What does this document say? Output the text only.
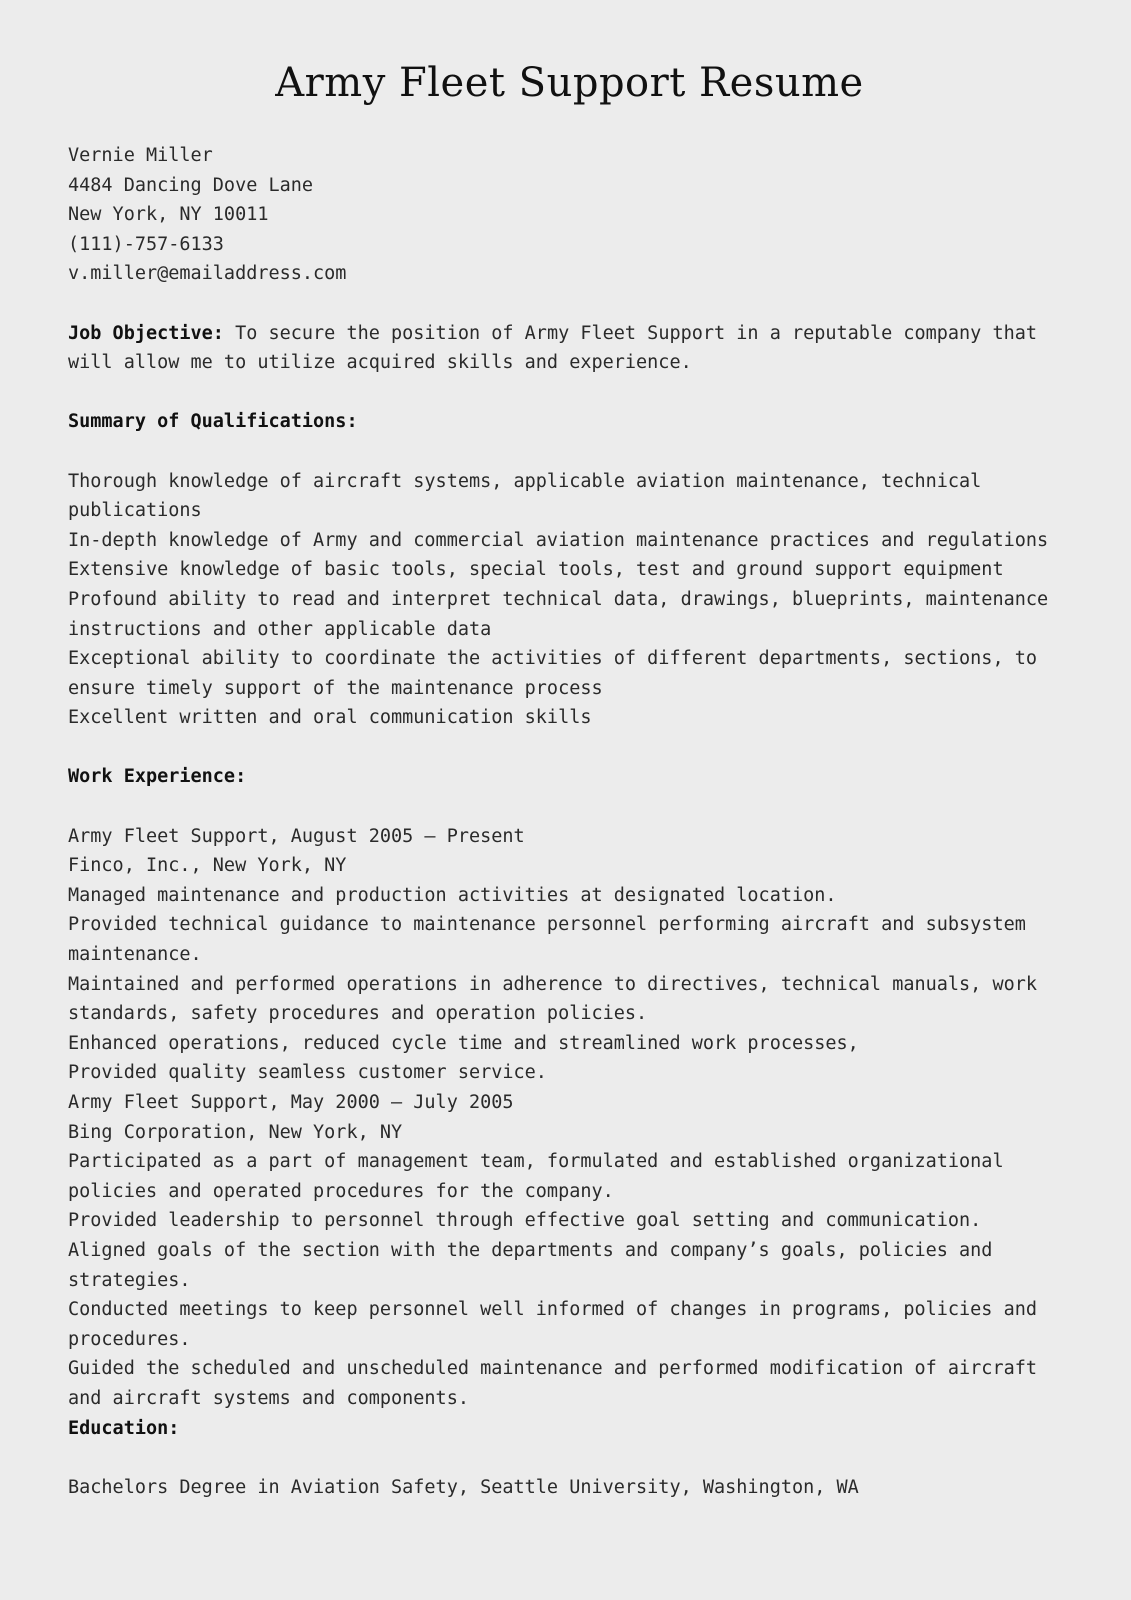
Army Fleet Support Resume
Vernie Miller
4484 Dancing Dove Lane
New York, NY 10011
(111)-757-6133
v.miller@emailaddress.com
Job Objective: To secure the position of Army Fleet Support in a reputable company that will allow me to utilize acquired skills and experience.
Summary of Qualifications:
Thorough knowledge of aircraft systems, applicable aviation maintenance, technical publications
In-depth knowledge of Army and commercial aviation maintenance practices and regulations
Extensive knowledge of basic tools, special tools, test and ground support equipment
Profound ability to read and interpret technical data, drawings, blueprints, maintenance instructions and other applicable data
Exceptional ability to coordinate the activities of different departments, sections, to ensure timely support of the maintenance process
Excellent written and oral communication skills
Work Experience:
Army Fleet Support, August 2005 – Present
Finco, Inc., New York, NY
Managed maintenance and production activities at designated location.
Provided technical guidance to maintenance personnel performing aircraft and subsystem maintenance.
Maintained and performed operations in adherence to directives, technical manuals, work standards, safety procedures and operation policies.
Enhanced operations, reduced cycle time and streamlined work processes,
Provided quality seamless customer service.
Army Fleet Support, May 2000 – July 2005
Bing Corporation, New York, NY
Participated as a part of management team, formulated and established organizational policies and operated procedures for the company.
Provided leadership to personnel through effective goal setting and communication.
Aligned goals of the section with the departments and company’s goals, policies and strategies.
Conducted meetings to keep personnel well informed of changes in programs, policies and procedures.
Guided the scheduled and unscheduled maintenance and performed modification of aircraft and aircraft systems and components.
Education:
Bachelors Degree in Aviation Safety, Seattle University, Washington, WA
